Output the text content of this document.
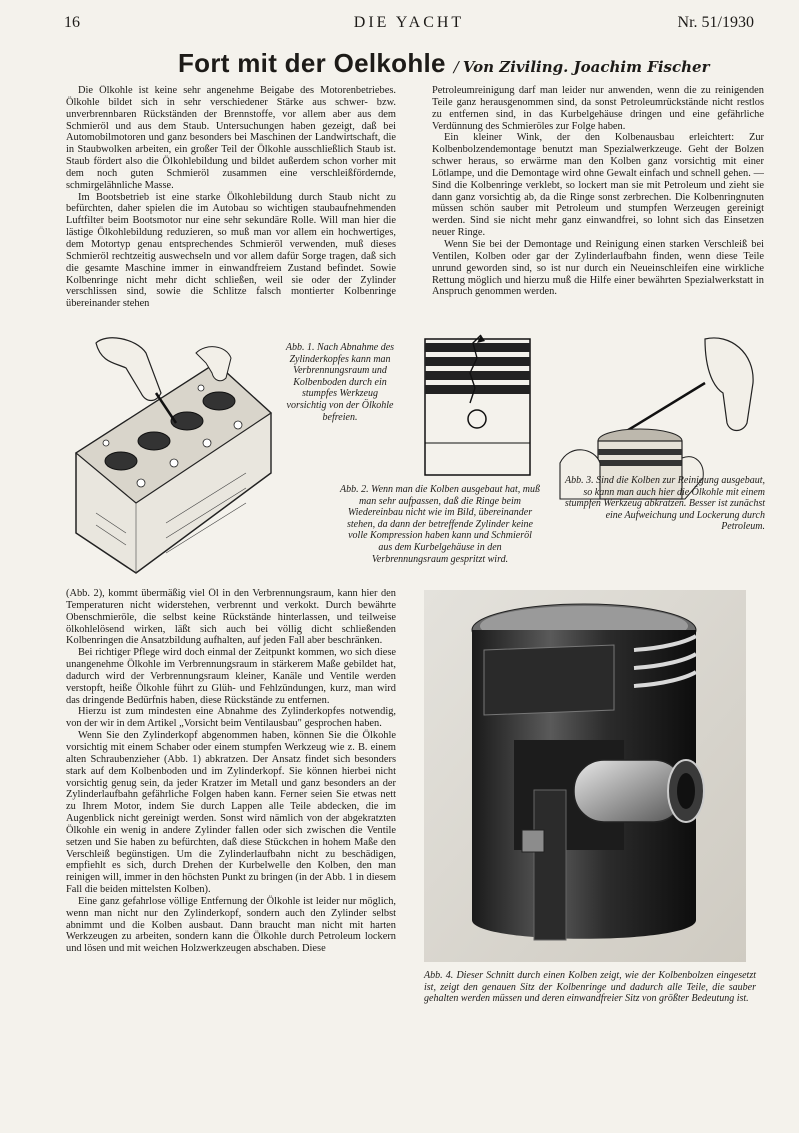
16	DIE YACHT	Nr. 51/1930
Fort mit der Oelkohle / Von Ziviling. Joachim Fischer

Die Ölkohle ist keine sehr angenehme Beigabe des Motorenbetriebes. Ölkohle bildet sich in sehr verschiedener Stärke aus schwer- bzw. unverbrennbaren Rückständen der Brennstoffe, vor allem aber aus dem Schmieröl und aus dem Staub. Untersuchungen haben gezeigt, daß bei Automobilmotoren und ganz besonders bei Maschinen der Landwirtschaft, die in Staubwolken arbeiten, ein großer Teil der Ölkohle ausschließlich Staub ist. Staub fördert also die Ölkohlebildung und bildet außerdem schon vorher mit dem noch guten Schmieröl zusammen eine verschleißfördernde, schmirgelähnliche Masse.

Im Bootsbetrieb ist eine starke Ölkohlebildung durch Staub nicht zu befürchten, daher spielen die im Autobau so wichtigen staubaufnehmenden Luftfilter beim Bootsmotor nur eine sehr sekundäre Rolle. Will man hier die lästige Ölkohlebildung reduzieren, so muß man vor allem ein hochwertiges, dem Motortyp genau entsprechendes Schmieröl verwenden, muß dieses Schmieröl rechtzeitig auswechseln und vor allem dafür Sorge tragen, daß sich die gesamte Maschine immer in einwandfreiem Zustand befindet. Sowie Kolbenringe nicht mehr dicht schließen, weil sie oder der Zylinder verschlissen sind, sowie die Schlitze falsch montierter Kolbenringe übereinander stehen

Petroleumreinigung darf man leider nur anwenden, wenn die zu reinigenden Teile ganz herausgenommen sind, da sonst Petroleumrückstände nicht restlos zu entfernen sind, in das Kurbelgehäuse dringen und eine gefährliche Verdünnung des Schmieröles zur Folge haben.

Ein kleiner Wink, der den Kolbenausbau erleichtert: Zur Kolbenbolzendemontage benutzt man Spezialwerkzeuge. Geht der Bolzen schwer heraus, so erwärme man den Kolben ganz vorsichtig mit einer Lötlampe, und die Demontage wird ohne Gewalt einfach und schnell gehen. — Sind die Kolbenringe verklebt, so lockert man sie mit Petroleum und zieht sie dann ganz vorsichtig ab, da die Ringe sonst zerbrechen. Die Kolbenringnuten müssen schön sauber mit Petroleum und stumpfen Werzeugen gereinigt werden. Sind sie nicht mehr ganz einwandfrei, so lohnt sich das Einsetzen neuer Ringe.

Wenn Sie bei der Demontage und Reinigung einen starken Verschleiß bei Ventilen, Kolben oder gar der Zylinderlaufbahn finden, wenn diese Teile unrund geworden sind, so ist nur durch ein Neueinschleifen eine wirkliche Rettung möglich und hierzu muß die Hilfe einer bewährten Spezialwerkstatt in Anspruch genommen werden.

Abb. 1. Nach Abnahme des Zylinderkopfes kann man Verbrennungsraum und Kolbenboden durch ein stumpfes Werkzeug vorsichtig von der Ölkohle befreien.
Abb. 2. Wenn man die Kolben ausgebaut hat, muß man sehr aufpassen, daß die Ringe beim Wiedereinbau nicht wie im Bild, übereinander stehen, da dann der betreffende Zylinder keine volle Kompression haben kann und Schmieröl aus dem Kurbelgehäuse in den Verbrennungsraum gespritzt wird.
Abb. 3. Sind die Kolben zur Reinigung ausgebaut, so kann man auch hier die Ölkohle mit einem stumpfen Werkzeug abkratzen. Besser ist zunächst eine Aufweichung und Lockerung durch Petroleum.

(Abb. 2), kommt übermäßig viel Öl in den Verbrennungsraum, kann hier den Temperaturen nicht widerstehen, verbrennt und verkokt. Durch bewährte Obenschmieröle, die selbst keine Rückstände hinterlassen, und teilweise ölkohlelösend wirken, läßt sich auch bei völlig dicht schließenden Kolbenringen die Ansatzbildung aufhalten, auf jeden Fall aber beschränken.

Bei richtiger Pflege wird doch einmal der Zeitpunkt kommen, wo sich diese unangenehme Ölkohle im Verbrennungsraum in stärkerem Maße gebildet hat, dadurch wird der Verbrennungsraum kleiner, Kanäle und Ventile werden verstopft, heiße Ölkohle führt zu Glüh- und Fehlzündungen, kurz, man wird das dringende Bedürfnis haben, diese Rückstände zu entfernen.

Hierzu ist zum mindesten eine Abnahme des Zylinderkopfes notwendig, von der wir in dem Artikel „Vorsicht beim Ventilausbau" gesprochen haben.

Wenn Sie den Zylinderkopf abgenommen haben, können Sie die Ölkohle vorsichtig mit einem Schaber oder einem stumpfen Werkzeug wie z. B. einem alten Schraubenzieher (Abb. 1) abkratzen. Der Ansatz findet sich besonders stark auf dem Kolbenboden und im Zylinderkopf. Sie können hierbei nicht vorsichtig genug sein, da jeder Kratzer im Metall und ganz besonders an der Zylinderlaufbahn gefährliche Folgen haben kann. Ferner seien Sie etwas nett zu Ihrem Motor, indem Sie durch Lappen alle Teile abdecken, die im Augenblick nicht gereinigt werden. Sonst wird nämlich von der abgekratzten Ölkohle ein wenig in andere Zylinder fallen oder sich zwischen die Ventile setzen und Sie haben zu befürchten, daß diese Stückchen in hohem Maße den Verschleiß begünstigen. Um die Zylinderlaufbahn nicht zu beschädigen, empfiehlt es sich, durch Drehen der Kurbelwelle den Kolben, den man reinigen will, immer in den höchsten Punkt zu bringen (in der Abb. 1 in diesem Fall die beiden mittelsten Kolben).

Eine ganz gefahrlose völlige Entfernung der Ölkohle ist leider nur möglich, wenn man nicht nur den Zylinderkopf, sondern auch den Zylinder selbst abnimmt und die Kolben ausbaut. Dann braucht man nicht mit harten Werkzeugen zu arbeiten, sondern kann die Ölkohle durch Petroleum lockern und lösen und mit weichen Holzwerkzeugen abschaben. Diese

Abb. 4. Dieser Schnitt durch einen Kolben zeigt, wie der Kolbenbolzen eingesetzt ist, zeigt den genauen Sitz der Kolbenringe und dadurch alle Teile, die sauber gehalten werden müssen und deren einwandfreier Sitz von größter Bedeutung ist.
